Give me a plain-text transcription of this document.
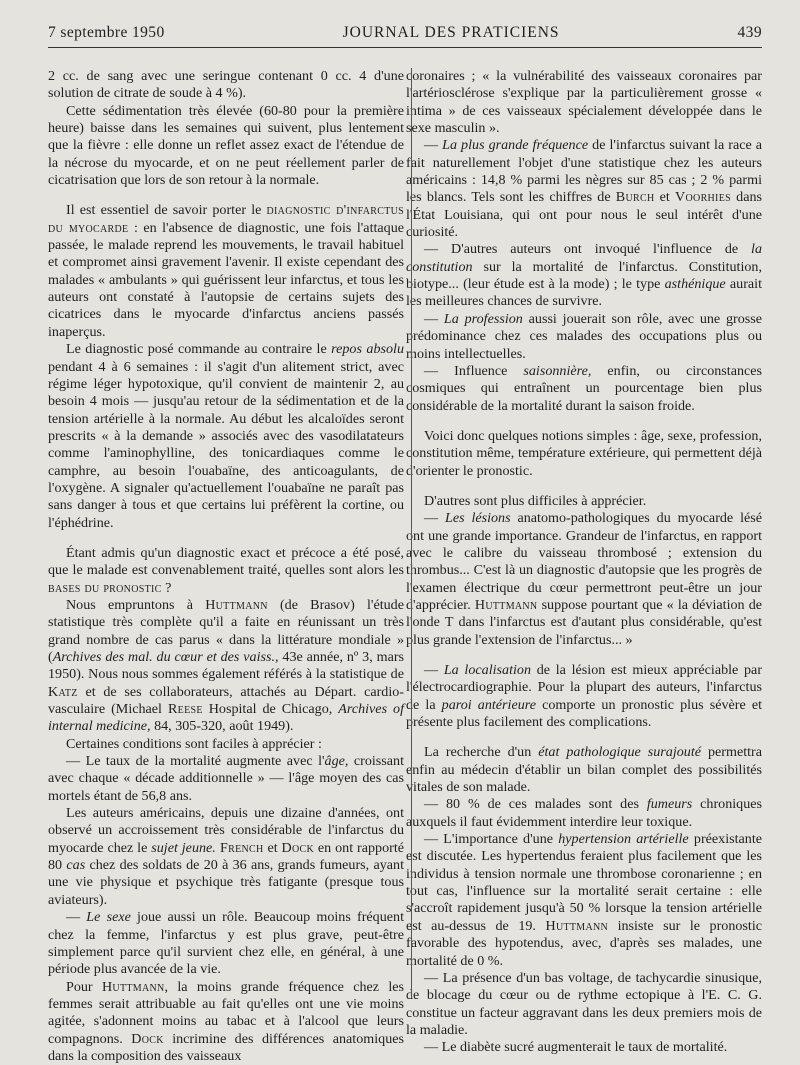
7 septembre 1950	JOURNAL DES PRATICIENS	439

2 cc. de sang avec une seringue contenant 0 cc. 4 d'une solution de citrate de soude à 4 %).

Cette sédimentation très élevée (60-80 pour la première heure) baisse dans les semaines qui suivent, plus lentement que la fièvre : elle donne un reflet assez exact de l'étendue de la nécrose du myocarde, et on ne peut réellement parler de cicatrisation que lors de son retour à la normale.

Il est essentiel de savoir porter le diagnostic d'infarctus du myocarde : en l'absence de diagnostic, une fois l'attaque passée, le malade reprend les mouvements, le travail habituel et compromet ainsi gravement l'avenir. Il existe cependant des malades « ambulants » qui guérissent leur infarctus, et tous les auteurs ont constaté à l'autopsie de certains sujets des cicatrices dans le myocarde d'infarctus anciens passés inaperçus.

Le diagnostic posé commande au contraire le repos absolu pendant 4 à 6 semaines : il s'agit d'un alitement strict, avec régime léger hypotoxique, qu'il convient de maintenir 2, au besoin 4 mois — jusqu'au retour de la sédimentation et de la tension artérielle à la normale. Au début les alcaloïdes seront prescrits « à la demande » associés avec des vasodilatateurs comme l'aminophylline, des tonicardiaques comme le camphre, au besoin l'ouabaïne, des anticoagulants, de l'oxygène. A signaler qu'actuellement l'ouabaïne ne paraît pas sans danger à tous et que certains lui préfèrent la cortine, ou l'éphédrine.

Étant admis qu'un diagnostic exact et précoce a été posé, que le malade est convenablement traité, quelles sont alors les bases du pronostic ?

Nous empruntons à Huttmann (de Brasov) l'étude statistique très complète qu'il a faite en réunissant un très grand nombre de cas parus « dans la littérature mondiale » (Archives des mal. du cœur et des vaiss., 43e année, nº 3, mars 1950). Nous nous sommes également référés à la statistique de Katz et de ses collaborateurs, attachés au Départ. cardio-vasculaire (Michael Reese Hospital de Chicago, Archives of internal medicine, 84, 305-320, août 1949).

Certaines conditions sont faciles à apprécier :

— Le taux de la mortalité augmente avec l'âge, croissant avec chaque « décade additionnelle » — l'âge moyen des cas mortels étant de 56,8 ans.

Les auteurs américains, depuis une dizaine d'années, ont observé un accroissement très considérable de l'infarctus du myocarde chez le sujet jeune. French et Dock en ont rapporté 80 cas chez des soldats de 20 à 36 ans, grands fumeurs, ayant une vie physique et psychique très fatigante (presque tous aviateurs).

— Le sexe joue aussi un rôle. Beaucoup moins fréquent chez la femme, l'infarctus y est plus grave, peut-être simplement parce qu'il survient chez elle, en général, à une période plus avancée de la vie.

Pour Huttmann, la moins grande fréquence chez les femmes serait attribuable au fait qu'elles ont une vie moins agitée, s'adonnent moins au tabac et à l'alcool que leurs compagnons. Dock incrimine des différences anatomiques dans la composition des vaisseaux

coronaires ; « la vulnérabilité des vaisseaux coronaires par l'artériosclérose s'explique par la particulièrement grosse « intima » de ces vaisseaux spécialement développée dans le sexe masculin ».

— La plus grande fréquence de l'infarctus suivant la race a fait naturellement l'objet d'une statistique chez les auteurs américains : 14,8 % parmi les nègres sur 85 cas ; 2 % parmi les blancs. Tels sont les chiffres de Burch et Voorhies dans l'État Louisiana, qui ont pour nous le seul intérêt d'une curiosité.

— D'autres auteurs ont invoqué l'influence de la constitution sur la mortalité de l'infarctus. Constitution, biotype... (leur étude est à la mode) ; le type asthénique aurait les meilleures chances de survivre.

— La profession aussi jouerait son rôle, avec une grosse prédominance chez ces malades des occupations plus ou moins intellectuelles.

— Influence saisonnière, enfin, ou circonstances cosmiques qui entraînent un pourcentage bien plus considérable de la mortalité durant la saison froide.

Voici donc quelques notions simples : âge, sexe, profession, constitution même, température extérieure, qui permettent déjà d'orienter le pronostic.

D'autres sont plus difficiles à apprécier.

— Les lésions anatomo-pathologiques du myocarde lésé ont une grande importance. Grandeur de l'infarctus, en rapport avec le calibre du vaisseau thrombosé ; extension du thrombus... C'est là un diagnostic d'autopsie que les progrès de l'examen électrique du cœur permettront peut-être un jour d'apprécier. Huttmann suppose pourtant que « la déviation de l'onde T dans l'infarctus est d'autant plus considérable, qu'est plus grande l'extension de l'infarctus... »

— La localisation de la lésion est mieux appréciable par l'électrocardiographie. Pour la plupart des auteurs, l'infarctus de la paroi antérieure comporte un pronostic plus sévère et présente plus facilement des complications.

La recherche d'un état pathologique surajouté permettra enfin au médecin d'établir un bilan complet des possibilités vitales de son malade.

— 80 % de ces malades sont des fumeurs chroniques auxquels il faut évidemment interdire leur toxique.

— L'importance d'une hypertension artérielle préexistante est discutée. Les hypertendus feraient plus facilement que les individus à tension normale une thrombose coronarienne ; en tout cas, l'influence sur la mortalité serait certaine : elle s'accroît rapidement jusqu'à 50 % lorsque la tension artérielle est au-dessus de 19. Huttmann insiste sur le pronostic favorable des hypotendus, avec, d'après ses malades, une mortalité de 0 %.

— La présence d'un bas voltage, de tachycardie sinusique, de blocage du cœur ou de rythme ectopique à l'E. C. G. constitue un facteur aggravant dans les deux premiers mois de la maladie.

— Le diabète sucré augmenterait le taux de mortalité.
